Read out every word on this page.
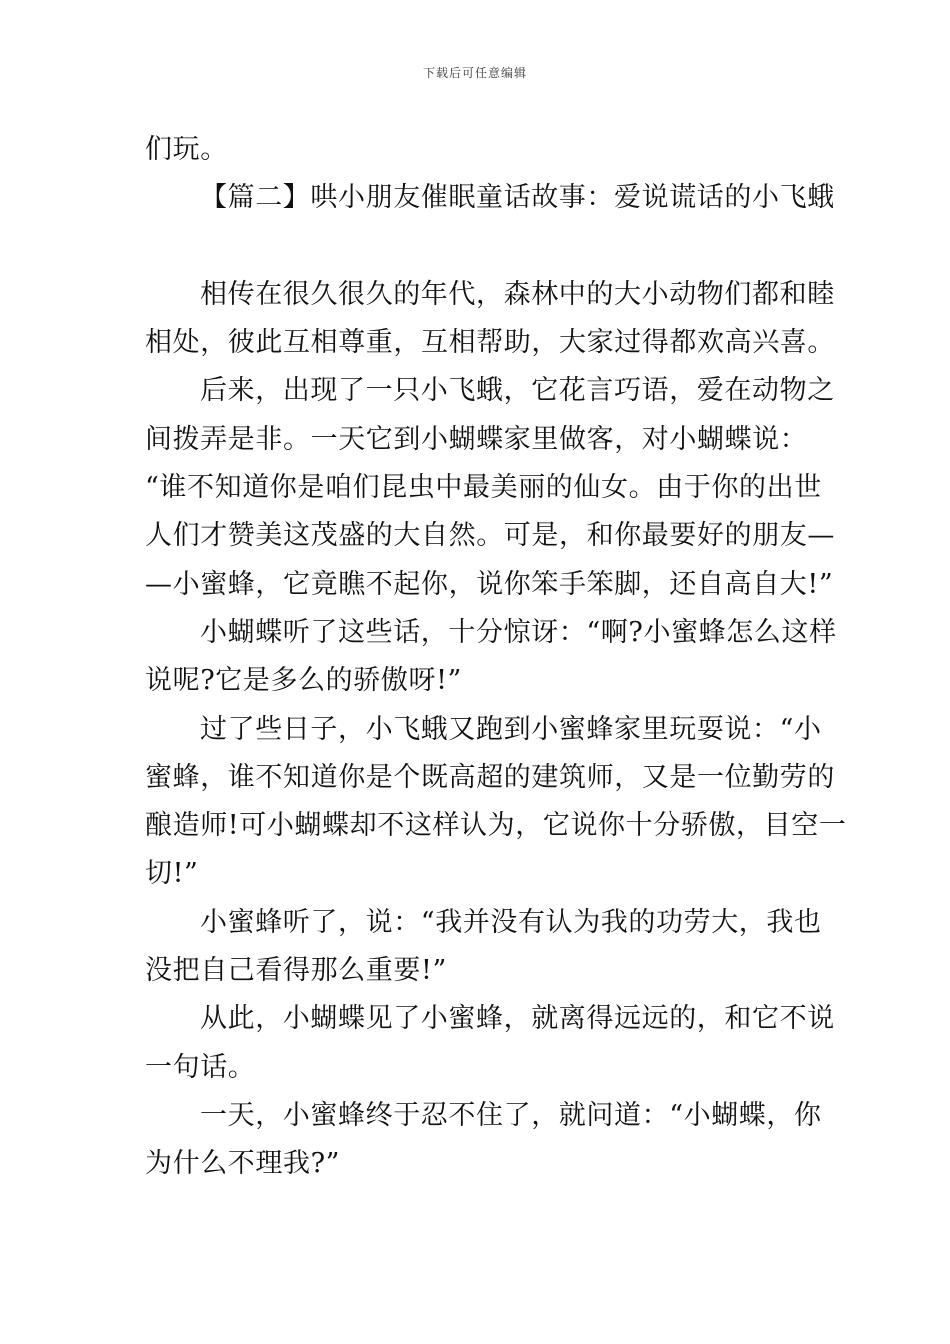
下载后可任意编辑
们玩。
【篇二】哄小朋友催眠童话故事：爱说谎话的小飞蛾
相传在很久很久的年代，森林中的大小动物们都和睦
相处，彼此互相尊重，互相帮助，大家过得都欢高兴喜。
后来，出现了一只小飞蛾，它花言巧语，爱在动物之
间拨弄是非。一天它到小蝴蝶家里做客，对小蝴蝶说：
“谁不知道你是咱们昆虫中最美丽的仙女。由于你的出世
人们才赞美这茂盛的大自然。可是，和你最要好的朋友—
—小蜜蜂，它竟瞧不起你，说你笨手笨脚，还自高自大!”
小蝴蝶听了这些话，十分惊讶：“啊?小蜜蜂怎么这样
说呢?它是多么的骄傲呀!”
过了些日子，小飞蛾又跑到小蜜蜂家里玩耍说：“小
蜜蜂，谁不知道你是个既高超的建筑师，又是一位勤劳的
酿造师!可小蝴蝶却不这样认为，它说你十分骄傲，目空一
切!”
小蜜蜂听了，说：“我并没有认为我的功劳大，我也
没把自己看得那么重要!”
从此，小蝴蝶见了小蜜蜂，就离得远远的，和它不说
一句话。
一天，小蜜蜂终于忍不住了，就问道：“小蝴蝶，你
为什么不理我?”
